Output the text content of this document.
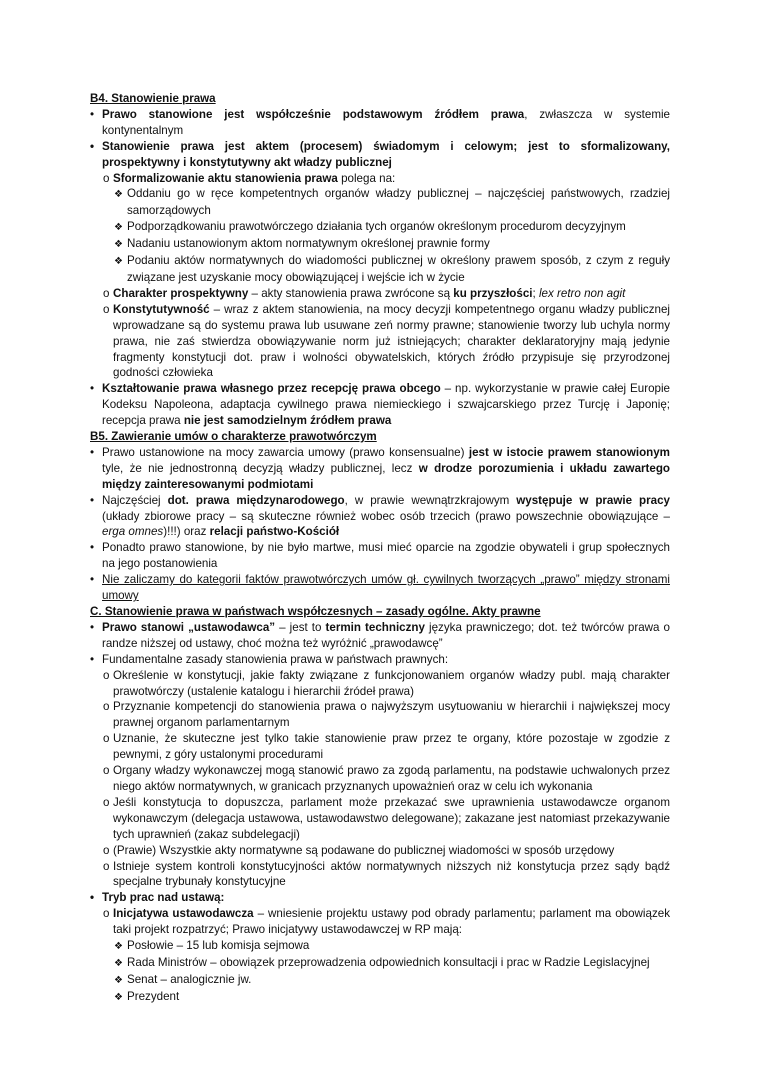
B4. Stanowienie prawa

• Prawo stanowione jest współcześnie podstawowym źródłem prawa, zwłaszcza w systemie kontynentalnym

• Stanowienie prawa jest aktem (procesem) świadomym i celowym; jest to sformalizowany, prospektywny i konstytutywny akt władzy publicznej

o Sformalizowanie aktu stanowienia prawa polega na:

❖ Oddaniu go w ręce kompetentnych organów władzy publicznej – najczęściej państwowych, rzadziej samorządowych

❖ Podporządkowaniu prawotwórczego działania tych organów określonym procedurom decyzyjnym

❖ Nadaniu ustanowionym aktom normatywnym określonej prawnie formy

❖ Podaniu aktów normatywnych do wiadomości publicznej w określony prawem sposób, z czym z reguły związane jest uzyskanie mocy obowiązującej i wejście ich w życie

o Charakter prospektywny – akty stanowienia prawa zwrócone są ku przyszłości; lex retro non agit

o Konstytutywność – wraz z aktem stanowienia, na mocy decyzji kompetentnego organu władzy publicznej wprowadzane są do systemu prawa lub usuwane zeń normy prawne; stanowienie tworzy lub uchyla normy prawa, nie zaś stwierdza obowiązywanie norm już istniejących; charakter deklaratoryjny mają jedynie fragmenty konstytucji dot. praw i wolności obywatelskich, których źródło przypisuje się przyrodzonej godności człowieka

• Kształtowanie prawa własnego przez recepcję prawa obcego – np. wykorzystanie w prawie całej Europie Kodeksu Napoleona, adaptacja cywilnego prawa niemieckiego i szwajcarskiego przez Turcję i Japonię; recepcja prawa nie jest samodzielnym źródłem prawa

B5. Zawieranie umów o charakterze prawotwórczym

• Prawo ustanowione na mocy zawarcia umowy (prawo konsensualne) jest w istocie prawem stanowionym tyle, że nie jednostronną decyzją władzy publicznej, lecz w drodze porozumienia i układu zawartego między zainteresowanymi podmiotami

• Najczęściej dot. prawa międzynarodowego, w prawie wewnątrzkrajowym występuje w prawie pracy (układy zbiorowe pracy – są skuteczne również wobec osób trzecich (prawo powszechnie obowiązujące – erga omnes)!!!) oraz relacji państwo-Kościół

• Ponadto prawo stanowione, by nie było martwe, musi mieć oparcie na zgodzie obywateli i grup społecznych na jego postanowienia

• Nie zaliczamy do kategorii faktów prawotwórczych umów gł. cywilnych tworzących „prawo” między stronami umowy

C. Stanowienie prawa w państwach współczesnych – zasady ogólne. Akty prawne

• Prawo stanowi „ustawodawca” – jest to termin techniczny języka prawniczego; dot. też twórców prawa o randze niższej od ustawy, choć można też wyróżnić „prawodawcę”

• Fundamentalne zasady stanowienia prawa w państwach prawnych:

o Określenie w konstytucji, jakie fakty związane z funkcjonowaniem organów władzy publ. mają charakter prawotwórczy (ustalenie katalogu i hierarchii źródeł prawa)

o Przyznanie kompetencji do stanowienia prawa o najwyższym usytuowaniu w hierarchii i największej mocy prawnej organom parlamentarnym

o Uznanie, że skuteczne jest tylko takie stanowienie praw przez te organy, które pozostaje w zgodzie z pewnymi, z góry ustalonymi procedurami

o Organy władzy wykonawczej mogą stanowić prawo za zgodą parlamentu, na podstawie uchwalonych przez niego aktów normatywnych, w granicach przyznanych upoważnień oraz w celu ich wykonania

o Jeśli konstytucja to dopuszcza, parlament może przekazać swe uprawnienia ustawodawcze organom wykonawczym (delegacja ustawowa, ustawodawstwo delegowane); zakazane jest natomiast przekazywanie tych uprawnień (zakaz subdelegacji)

o (Prawie) Wszystkie akty normatywne są podawane do publicznej wiadomości w sposób urzędowy

o Istnieje system kontroli konstytucyjności aktów normatywnych niższych niż konstytucja przez sądy bądź specjalne trybunały konstytucyjne

• Tryb prac nad ustawą:

o Inicjatywa ustawodawcza – wniesienie projektu ustawy pod obrady parlamentu; parlament ma obowiązek taki projekt rozpatrzyć; Prawo inicjatywy ustawodawczej w RP mają:

❖ Posłowie – 15 lub komisja sejmowa

❖ Rada Ministrów – obowiązek przeprowadzenia odpowiednich konsultacji i prac w Radzie Legislacyjnej

❖ Senat – analogicznie jw.

❖ Prezydent
